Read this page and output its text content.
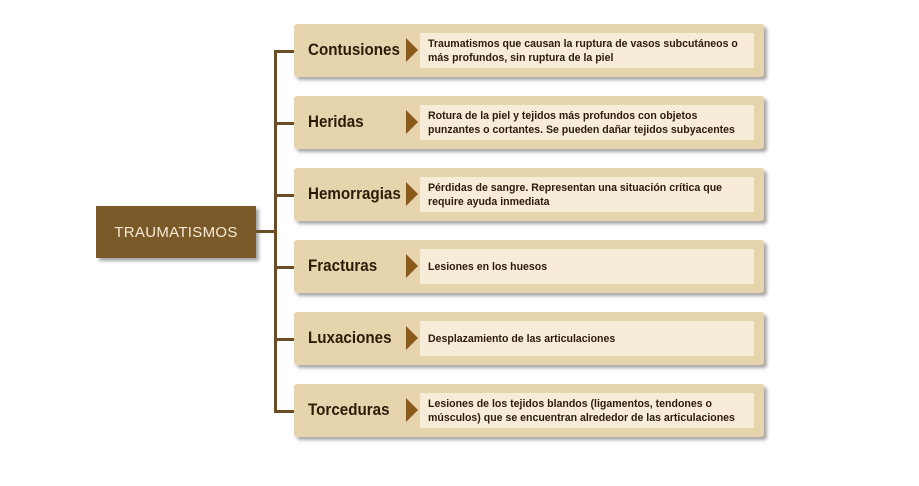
TRAUMATISMOS
Contusiones	Traumatismos que causan la ruptura de vasos subcutáneos o más profundos, sin ruptura de la piel
Heridas	Rotura de la piel y tejidos más profundos con objetos punzantes o cortantes. Se pueden dañar tejidos subyacentes
Hemorragias Pérdidas de sangre. Representan una situación crítica que require ayuda inmediata
Fracturas	Lesiones en los huesos
Luxaciones	Desplazamiento de las articulaciones
Torceduras	Lesiones de los tejidos blandos (ligamentos, tendones o músculos) que se encuentran alrededor de las articulaciones
